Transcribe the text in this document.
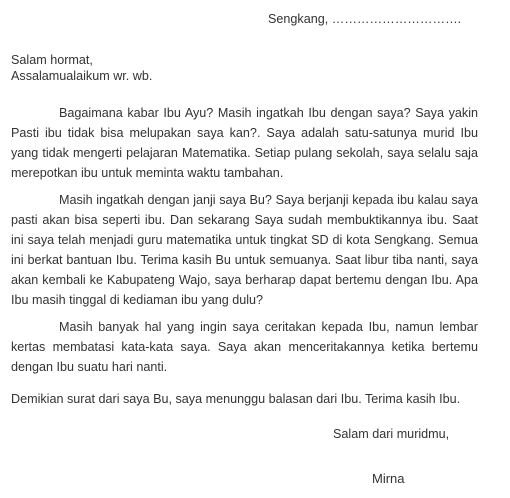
Sengkang, ………………………….
Salam hormat,
Assalamualaikum wr. wb.

Bagaimana kabar Ibu Ayu? Masih ingatkah Ibu dengan saya? Saya yakin Pasti ibu tidak bisa melupakan saya kan?. Saya adalah satu-satunya murid Ibu yang tidak mengerti pelajaran Matematika. Setiap pulang sekolah, saya selalu saja merepotkan ibu untuk meminta waktu tambahan.

Masih ingatkah dengan janji saya Bu? Saya berjanji kepada ibu kalau saya pasti akan bisa seperti ibu. Dan sekarang Saya sudah membuktikannya ibu. Saat ini saya telah menjadi guru matematika untuk tingkat SD di kota Sengkang. Semua ini berkat bantuan Ibu. Terima kasih Bu untuk semuanya. Saat libur tiba nanti, saya akan kembali ke Kabupateng Wajo, saya berharap dapat bertemu dengan Ibu. Apa Ibu masih tinggal di kediaman ibu yang dulu?

Masih banyak hal yang ingin saya ceritakan kepada Ibu, namun lembar kertas membatasi kata-kata saya. Saya akan menceritakannya ketika bertemu dengan Ibu suatu hari nanti.

Demikian surat dari saya Bu, saya menunggu balasan dari Ibu. Terima kasih Ibu.

Salam dari muridmu,
Mirna
